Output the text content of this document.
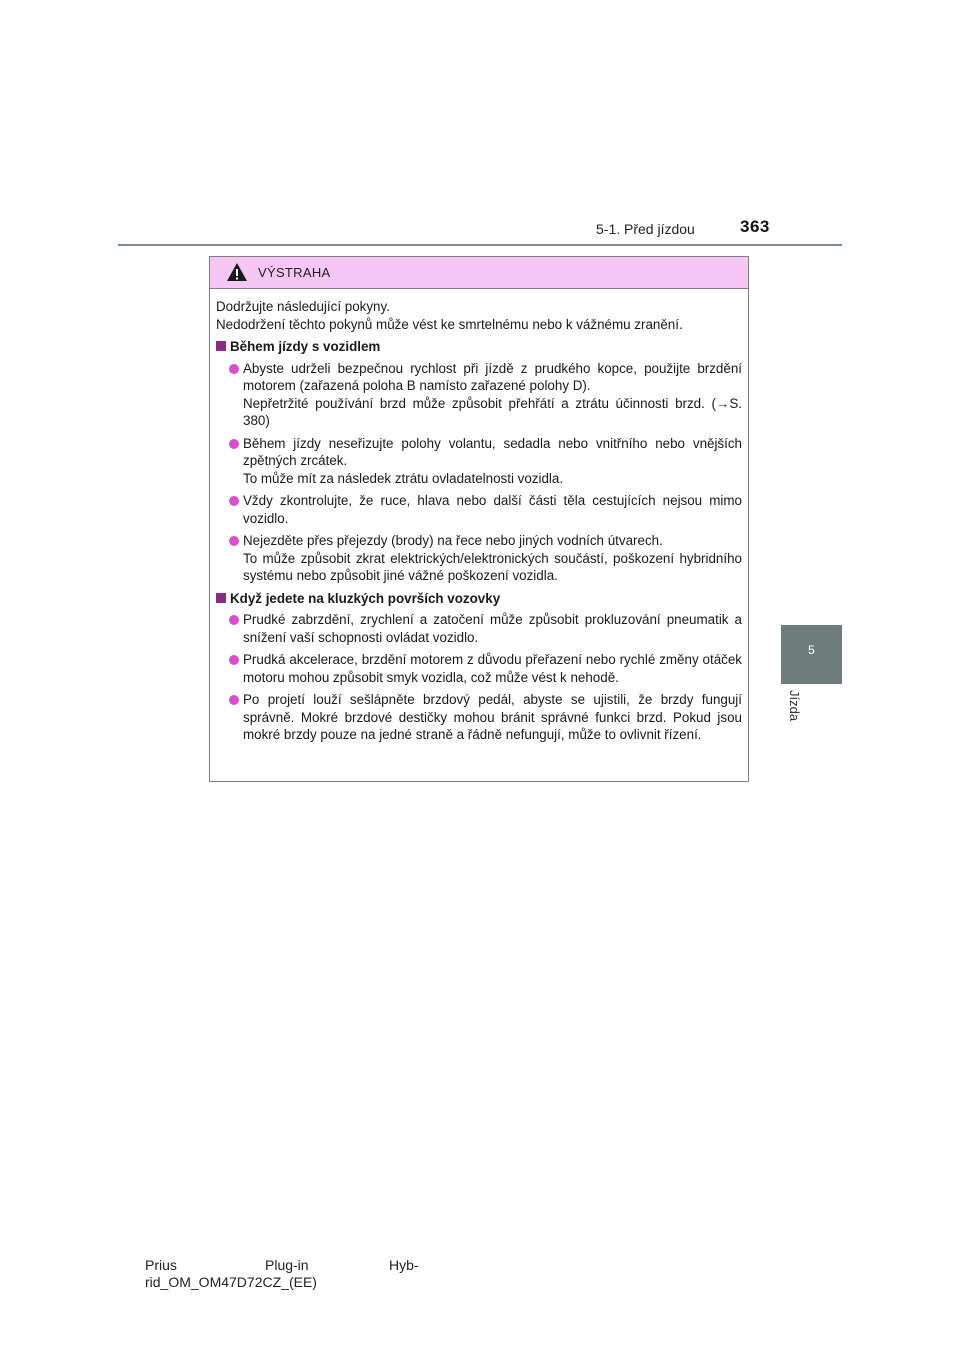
5-1. Před jízdou	363
5
Jízda
VÝSTRAHA

Dodržujte následující pokyny.

Nedodržení těchto pokynů může vést ke smrtelnému nebo k vážnému zranění.

Během jízdy s vozidlem

Abyste udrželi bezpečnou rychlost při jízdě z prudkého kopce, použijte brzdění motorem (zařazená poloha B namísto zařazené polohy D).

Nepřetržité používání brzd může způsobit přehřátí a ztrátu účinnosti brzd. (→S. 380)

Během jízdy neseřizujte polohy volantu, sedadla nebo vnitřního nebo vnějších zpětných zrcátek.

To může mít za následek ztrátu ovladatelnosti vozidla.

Vždy zkontrolujte, že ruce, hlava nebo další části těla cestujících nejsou mimo vozidlo.

Nejezděte přes přejezdy (brody) na řece nebo jiných vodních útvarech.

To může způsobit zkrat elektrických/elektronických součástí, poškození hybridního systému nebo způsobit jiné vážné poškození vozidla.

Když jedete na kluzkých površích vozovky

Prudké zabrzdění, zrychlení a zatočení může způsobit prokluzování pneumatik a snížení vaší schopnosti ovládat vozidlo.

Prudká akcelerace, brzdění motorem z důvodu přeřazení nebo rychlé změny otáček motoru mohou způsobit smyk vozidla, což může vést k nehodě.

Po projetí louží sešlápněte brzdový pedál, abyste se ujistili, že brzdy fungují správně. Mokré brzdové destičky mohou bránit správné funkci brzd. Pokud jsou mokré brzdy pouze na jedné straně a řádně nefungují, může to ovlivnit řízení.

Prius	Plug-in	Hyb-
rid_OM_OM47D72CZ_(EE)
